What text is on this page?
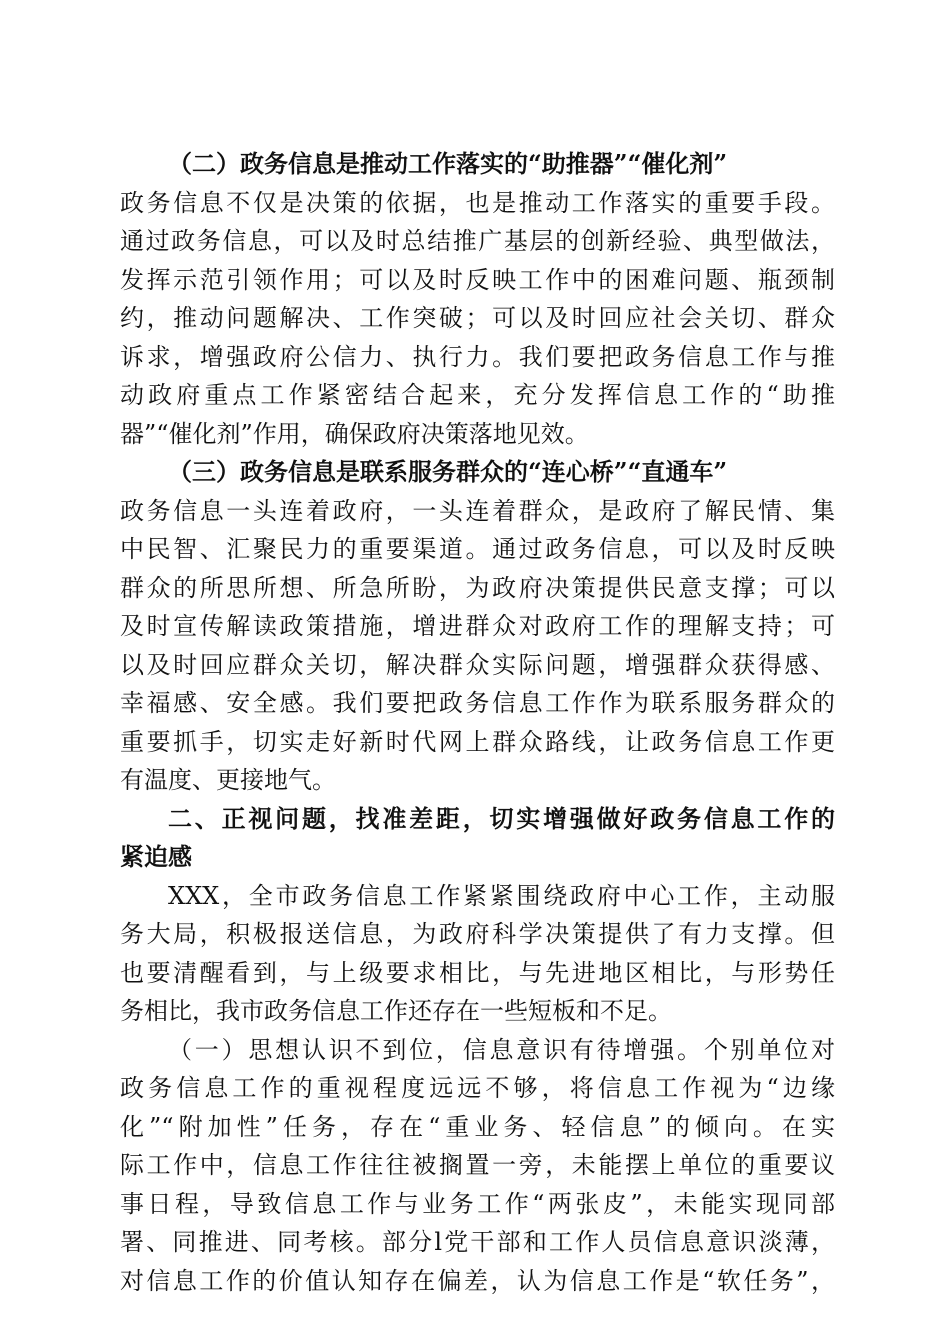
（二）政务信息是推动工作落实的“助推器”“催化剂”
政务信息不仅是决策的依据，也是推动工作落实的重要手段。
通过政务信息，可以及时总结推广基层的创新经验、典型做法，
发挥示范引领作用；可以及时反映工作中的困难问题、瓶颈制
约，推动问题解决、工作突破；可以及时回应社会关切、群众
诉求，增强政府公信力、执行力。我们要把政务信息工作与推
动政府重点工作紧密结合起来，充分发挥信息工作的“助推
器”“催化剂”作用，确保政府决策落地见效。
（三）政务信息是联系服务群众的“连心桥”“直通车”
政务信息一头连着政府，一头连着群众，是政府了解民情、集
中民智、汇聚民力的重要渠道。通过政务信息，可以及时反映
群众的所思所想、所急所盼，为政府决策提供民意支撑；可以
及时宣传解读政策措施，增进群众对政府工作的理解支持；可
以及时回应群众关切，解决群众实际问题，增强群众获得感、
幸福感、安全感。我们要把政务信息工作作为联系服务群众的
重要抓手，切实走好新时代网上群众路线，让政务信息工作更
有温度、更接地气。
二、正视问题，找准差距，切实增强做好政务信息工作的
紧迫感
XXX，全市政务信息工作紧紧围绕政府中心工作，主动服
务大局，积极报送信息，为政府科学决策提供了有力支撑。但
也要清醒看到，与上级要求相比，与先进地区相比，与形势任
务相比，我市政务信息工作还存在一些短板和不足。
（一）思想认识不到位，信息意识有待增强。个别单位对
政务信息工作的重视程度远远不够，将信息工作视为“边缘
化”“附加性”任务，存在“重业务、轻信息”的倾向。在实
际工作中，信息工作往往被搁置一旁，未能摆上单位的重要议
事日程，导致信息工作与业务工作“两张皮”，未能实现同部
署、同推进、同考核。部分l党干部和工作人员信息意识淡薄，
对信息工作的价值认知存在偏差，认为信息工作是“软任务”，
